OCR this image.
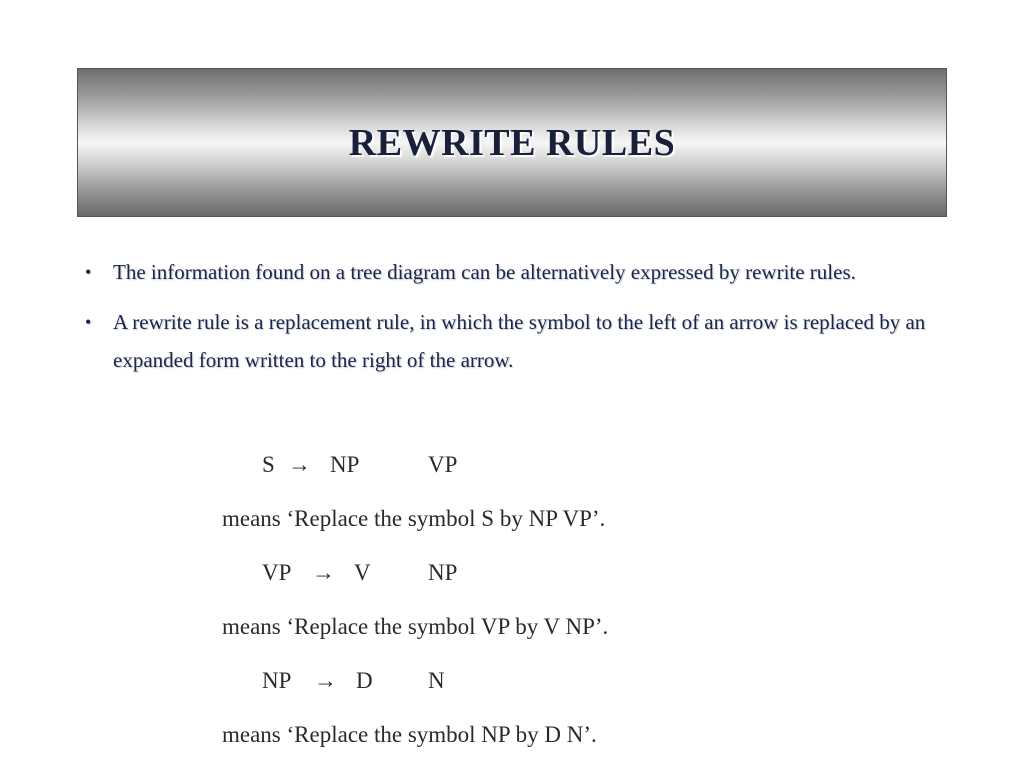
REWRITE RULES
• The information found on a tree diagram can be alternatively expressed by rewrite rules.
• A rewrite rule is a replacement rule, in which the symbol to the left of an arrow is replaced by an expanded form written to the right of the arrow.
S → NP	VP
means ‘Replace the symbol S by NP VP’.
VP → V NP
means ‘Replace the symbol VP by V NP’.
NP → D N
means ‘Replace the symbol NP by D N’.
